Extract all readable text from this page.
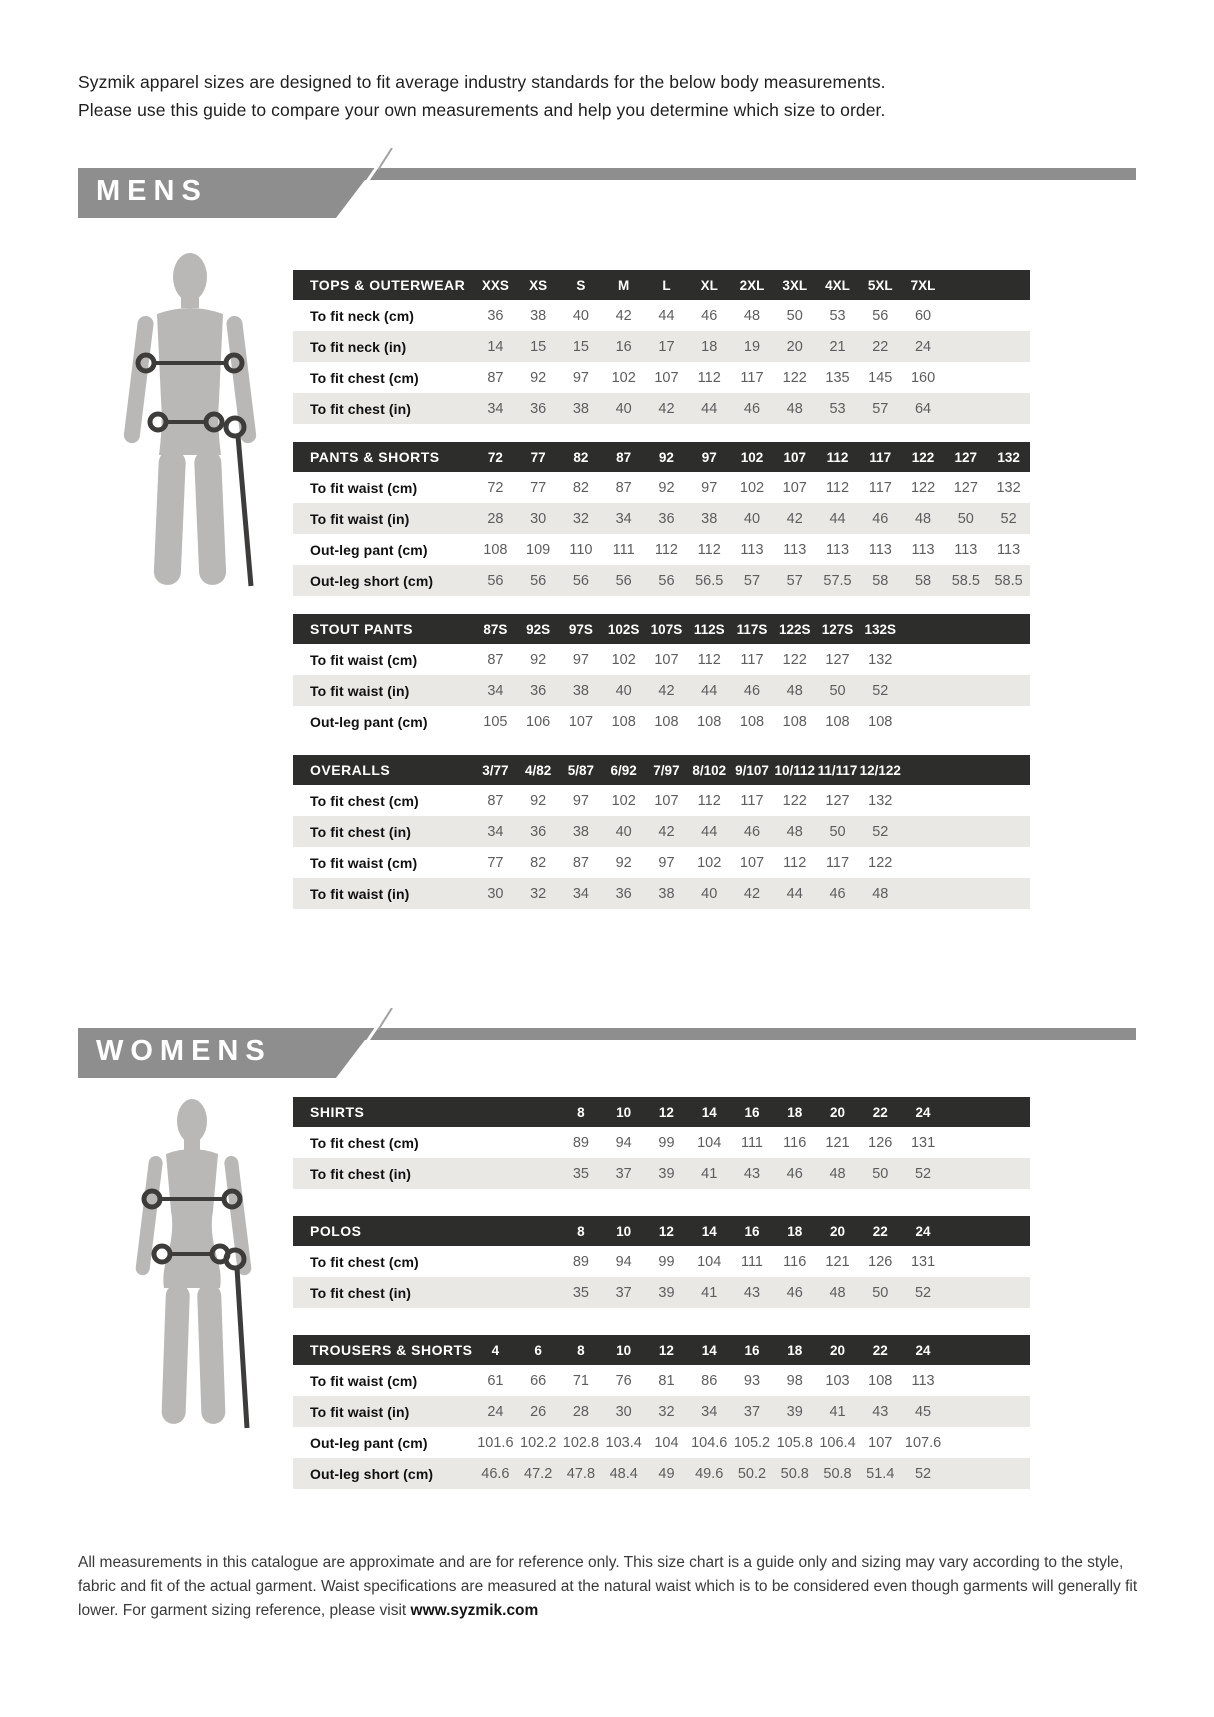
Syzmik apparel sizes are designed to fit average industry standards for the below body measurements.
Please use this guide to compare your own measurements and help you determine which size to order.
MENS
TOPS & OUTERWEAR	XXS	XS	S	M	L	XL	2XL	3XL	4XL	5XL	7XL		
To fit neck (cm)	36	38	40	42	44	46	48	50	53	56	60		
To fit neck (in)	14	15	15	16	17	18	19	20	21	22	24		
To fit chest (cm)	87	92	97	102	107	112	117	122	135	145	160		
To fit chest (in)	34	36	38	40	42	44	46	48	53	57	64		
PANTS & SHORTS	72	77	82	87	92	97	102	107	112	117	122	127	132
To fit waist (cm)	72	77	82	87	92	97	102	107	112	117	122	127	132
To fit waist (in)	28	30	32	34	36	38	40	42	44	46	48	50	52
Out-leg pant (cm)	108	109	110	111	112	112	113	113	113	113	113	113	113
Out-leg short (cm)	56	56	56	56	56	56.5	57	57	57.5	58	58	58.5	58.5
STOUT PANTS	87S	92S	97S	102S	107S	112S	117S	122S	127S	132S			
To fit waist (cm)	87	92	97	102	107	112	117	122	127	132			
To fit waist (in)	34	36	38	40	42	44	46	48	50	52			
Out-leg pant (cm)	105	106	107	108	108	108	108	108	108	108			
OVERALLS	3/77	4/82	5/87	6/92	7/97	8/102	9/107	10/112	11/117	12/122			
To fit chest (cm)	87	92	97	102	107	112	117	122	127	132			
To fit chest (in)	34	36	38	40	42	44	46	48	50	52			
To fit waist (cm)	77	82	87	92	97	102	107	112	117	122			
To fit waist (in)	30	32	34	36	38	40	42	44	46	48			
WOMENS
SHIRTS			8	10	12	14	16	18	20	22	24		
To fit chest (cm)			89	94	99	104	111	116	121	126	131		
To fit chest (in)			35	37	39	41	43	46	48	50	52		
POLOS			8	10	12	14	16	18	20	22	24		
To fit chest (cm)			89	94	99	104	111	116	121	126	131		
To fit chest (in)			35	37	39	41	43	46	48	50	52		
TROUSERS & SHORTS	4	6	8	10	12	14	16	18	20	22	24		
To fit waist (cm)	61	66	71	76	81	86	93	98	103	108	113		
To fit waist (in)	24	26	28	30	32	34	37	39	41	43	45		
Out-leg pant (cm)	101.6	102.2	102.8	103.4	104	104.6	105.2	105.8	106.4	107	107.6		
Out-leg short (cm)	46.6	47.2	47.8	48.4	49	49.6	50.2	50.8	50.8	51.4	52		
All measurements in this catalogue are approximate and are for reference only. This size chart is a guide only and sizing may vary according to the style, fabric and fit of the actual garment. Waist specifications are measured at the natural waist which is to be considered even though garments will generally fit lower. For garment sizing reference, please visit www.syzmik.com
